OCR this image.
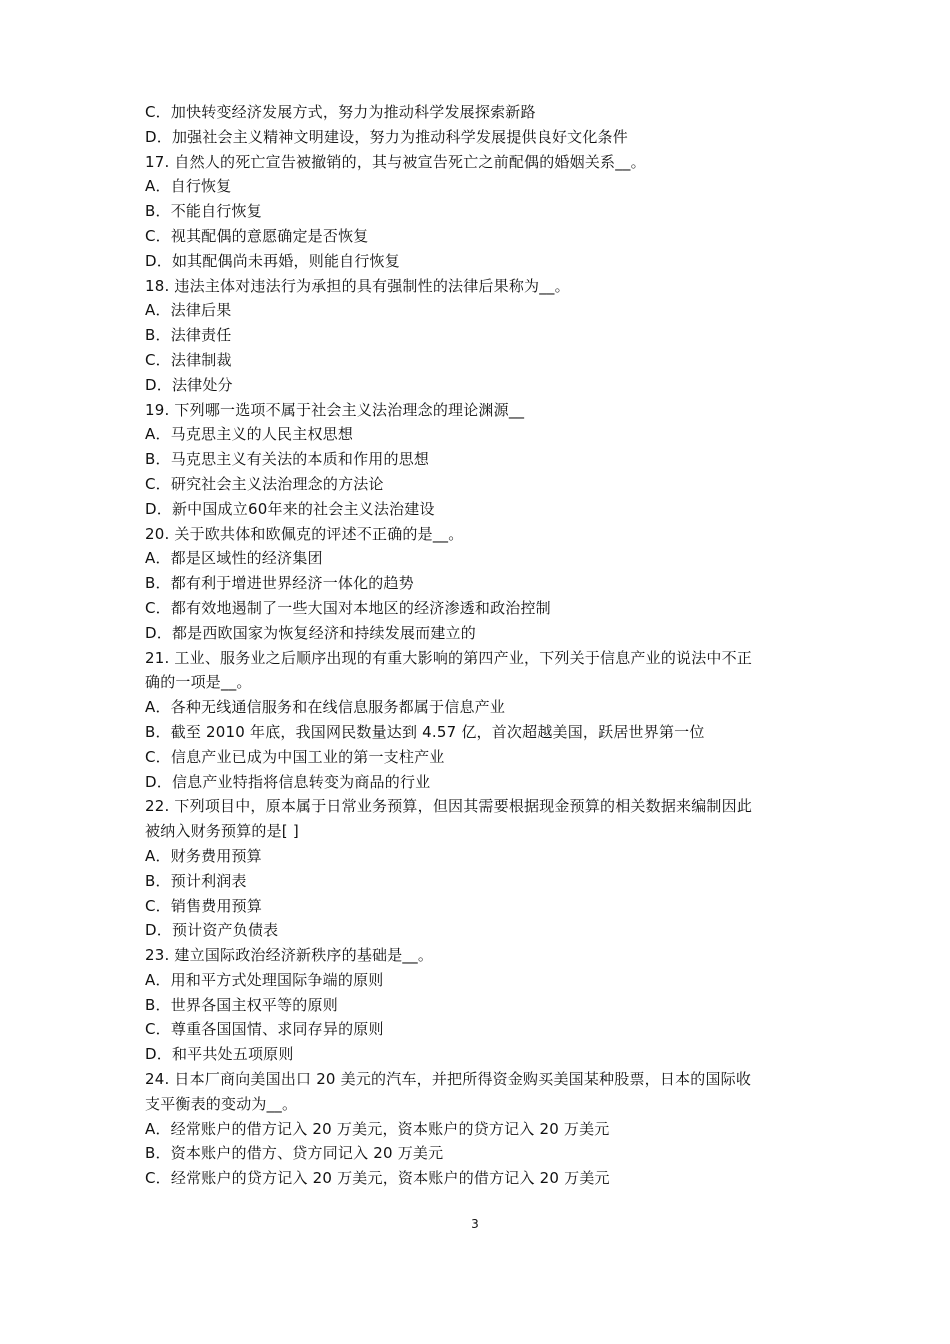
C．加快转变经济发展方式，努力为推动科学发展探索新路
D．加强社会主义精神文明建设，努力为推动科学发展提供良好文化条件
17. 自然人的死亡宣告被撤销的，其与被宣告死亡之前配偶的婚姻关系__。
A．自行恢复
B．不能自行恢复
C．视其配偶的意愿确定是否恢复
D．如其配偶尚未再婚，则能自行恢复
18. 违法主体对违法行为承担的具有强制性的法律后果称为__。
A．法律后果
B．法律责任
C．法律制裁
D．法律处分
19. 下列哪一选项不属于社会主义法治理念的理论渊源__
A．马克思主义的人民主权思想
B．马克思主义有关法的本质和作用的思想
C．研究社会主义法治理念的方法论
D．新中国成立60年来的社会主义法治建设
20. 关于欧共体和欧佩克的评述不正确的是__。
A．都是区域性的经济集团
B．都有利于增进世界经济一体化的趋势
C．都有效地遏制了一些大国对本地区的经济渗透和政治控制
D．都是西欧国家为恢复经济和持续发展而建立的
21. 工业、服务业之后顺序出现的有重大影响的第四产业，下列关于信息产业的说法中不正
确的一项是__。
A．各种无线通信服务和在线信息服务都属于信息产业
B．截至 2010 年底，我国网民数量达到 4.57 亿，首次超越美国，跃居世界第一位
C．信息产业已成为中国工业的第一支柱产业
D．信息产业特指将信息转变为商品的行业
22. 下列项目中，原本属于日常业务预算，但因其需要根据现金预算的相关数据来编制因此
被纳入财务预算的是[ ]
A．财务费用预算
B．预计利润表
C．销售费用预算
D．预计资产负债表
23. 建立国际政治经济新秩序的基础是__。
A．用和平方式处理国际争端的原则
B．世界各国主权平等的原则
C．尊重各国国情、求同存异的原则
D．和平共处五项原则
24. 日本厂商向美国出口 20 美元的汽车，并把所得资金购买美国某种股票，日本的国际收
支平衡表的变动为__。
A．经常账户的借方记入 20 万美元，资本账户的贷方记入 20 万美元
B．资本账户的借方、贷方同记入 20 万美元
C．经常账户的贷方记入 20 万美元，资本账户的借方记入 20 万美元
3
